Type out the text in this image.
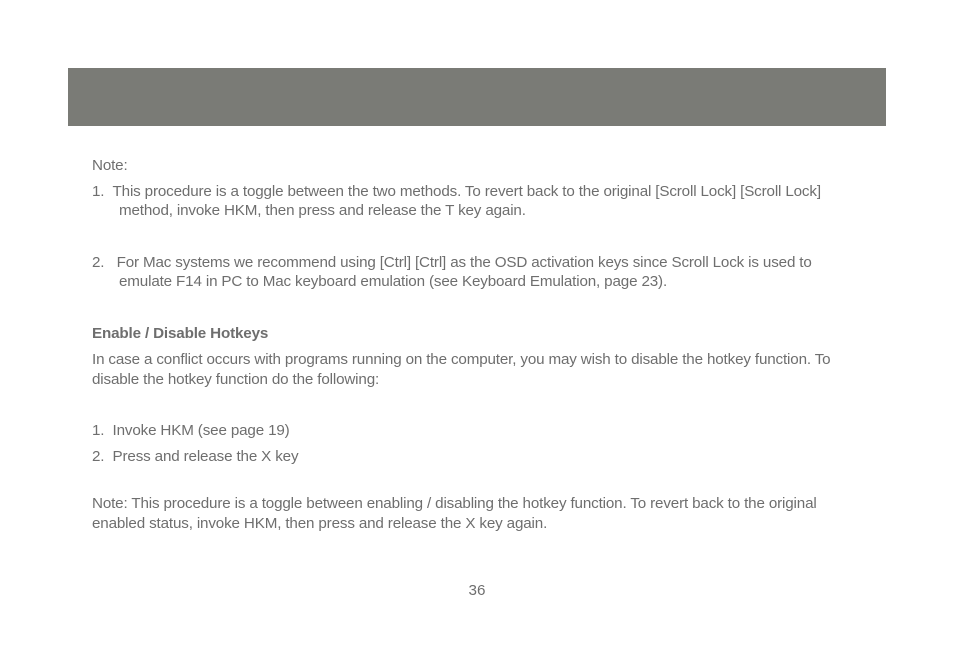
Note:

1. This procedure is a toggle between the two methods. To revert back to the original [Scroll Lock] [Scroll Lock] method, invoke HKM, then press and release the T key again.
2. For Mac systems we recommend using [Ctrl] [Ctrl] as the OSD activation keys since Scroll Lock is used to emulate F14 in PC to Mac keyboard emulation (see Keyboard Emulation, page 23).

Enable / Disable Hotkeys

In case a conflict occurs with programs running on the computer, you may wish to disable the hotkey function. To disable the hotkey function do the following:

1. Invoke HKM (see page 19)
2. Press and release the X key

Note: This procedure is a toggle between enabling / disabling the hotkey function. To revert back to the original enabled status, invoke HKM, then press and release the X key again.

36
